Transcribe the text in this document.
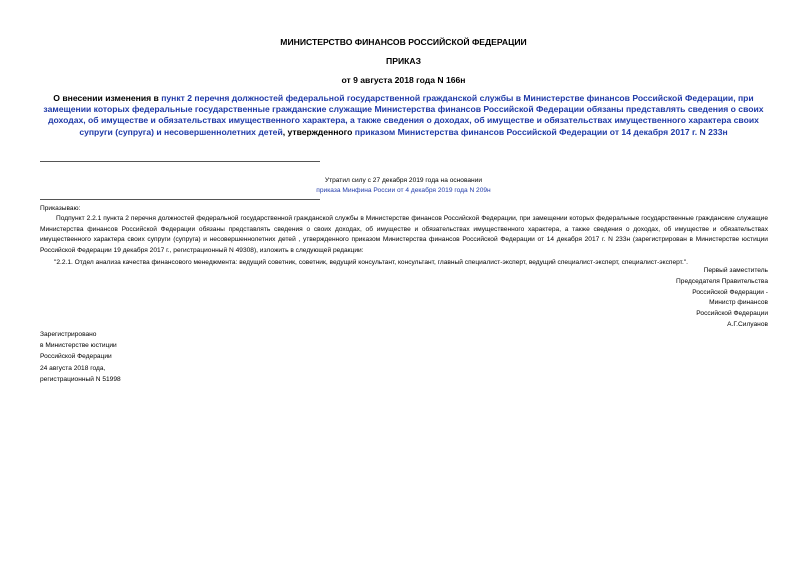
МИНИСТЕРСТВО ФИНАНСОВ РОССИЙСКОЙ ФЕДЕРАЦИИ
ПРИКАЗ
от 9 августа 2018 года N 166н
О внесении изменения в пункт 2 перечня должностей федеральной государственной гражданской службы в Министерстве финансов Российской Федерации, при замещении которых федеральные государственные гражданские служащие Министерства финансов Российской Федерации обязаны представлять сведения о своих доходах, об имуществе и обязательствах имущественного характера, а также сведения о доходах, об имуществе и обязательствах имущественного характера своих супруги (супруга) и несовершеннолетних детей, утвержденного приказом Министерства финансов Российской Федерации от 14 декабря 2017 г. N 233н
Утратил силу с 27 декабря 2019 года на основании
приказа Минфина России от 4 декабря 2019 года N 209н
Приказываю:
Подпункт 2.2.1 пункта 2 перечня должностей федеральной государственной гражданской службы в Министерстве финансов Российской Федерации, при замещении которых федеральные государственные гражданские служащие Министерства финансов Российской Федерации обязаны представлять сведения о своих доходах, об имуществе и обязательствах имущественного характера, а также сведения о доходах, об имуществе и обязательствах имущественного характера своих супруги (супруга) и несовершеннолетних детей , утвержденного приказом Министерства финансов Российской Федерации от 14 декабря 2017 г. N 233н (зарегистрирован в Министерстве юстиции Российской Федерации 19 декабря 2017 г., регистрационный N 49308), изложить в следующей редакции:
"2.2.1. Отдел анализа качества финансового менеджмента: ведущий советник, советник, ведущий консультант, консультант, главный специалист-эксперт, ведущий специалист-эксперт, специалист-эксперт.".
Первый заместитель
Председателя Правительства
Российской Федерации -
Министр финансов
Российской Федерации
А.Г.Силуанов
Зарегистрировано
в Министерстве юстиции
Российской Федерации
24 августа 2018 года,
регистрационный N 51998
